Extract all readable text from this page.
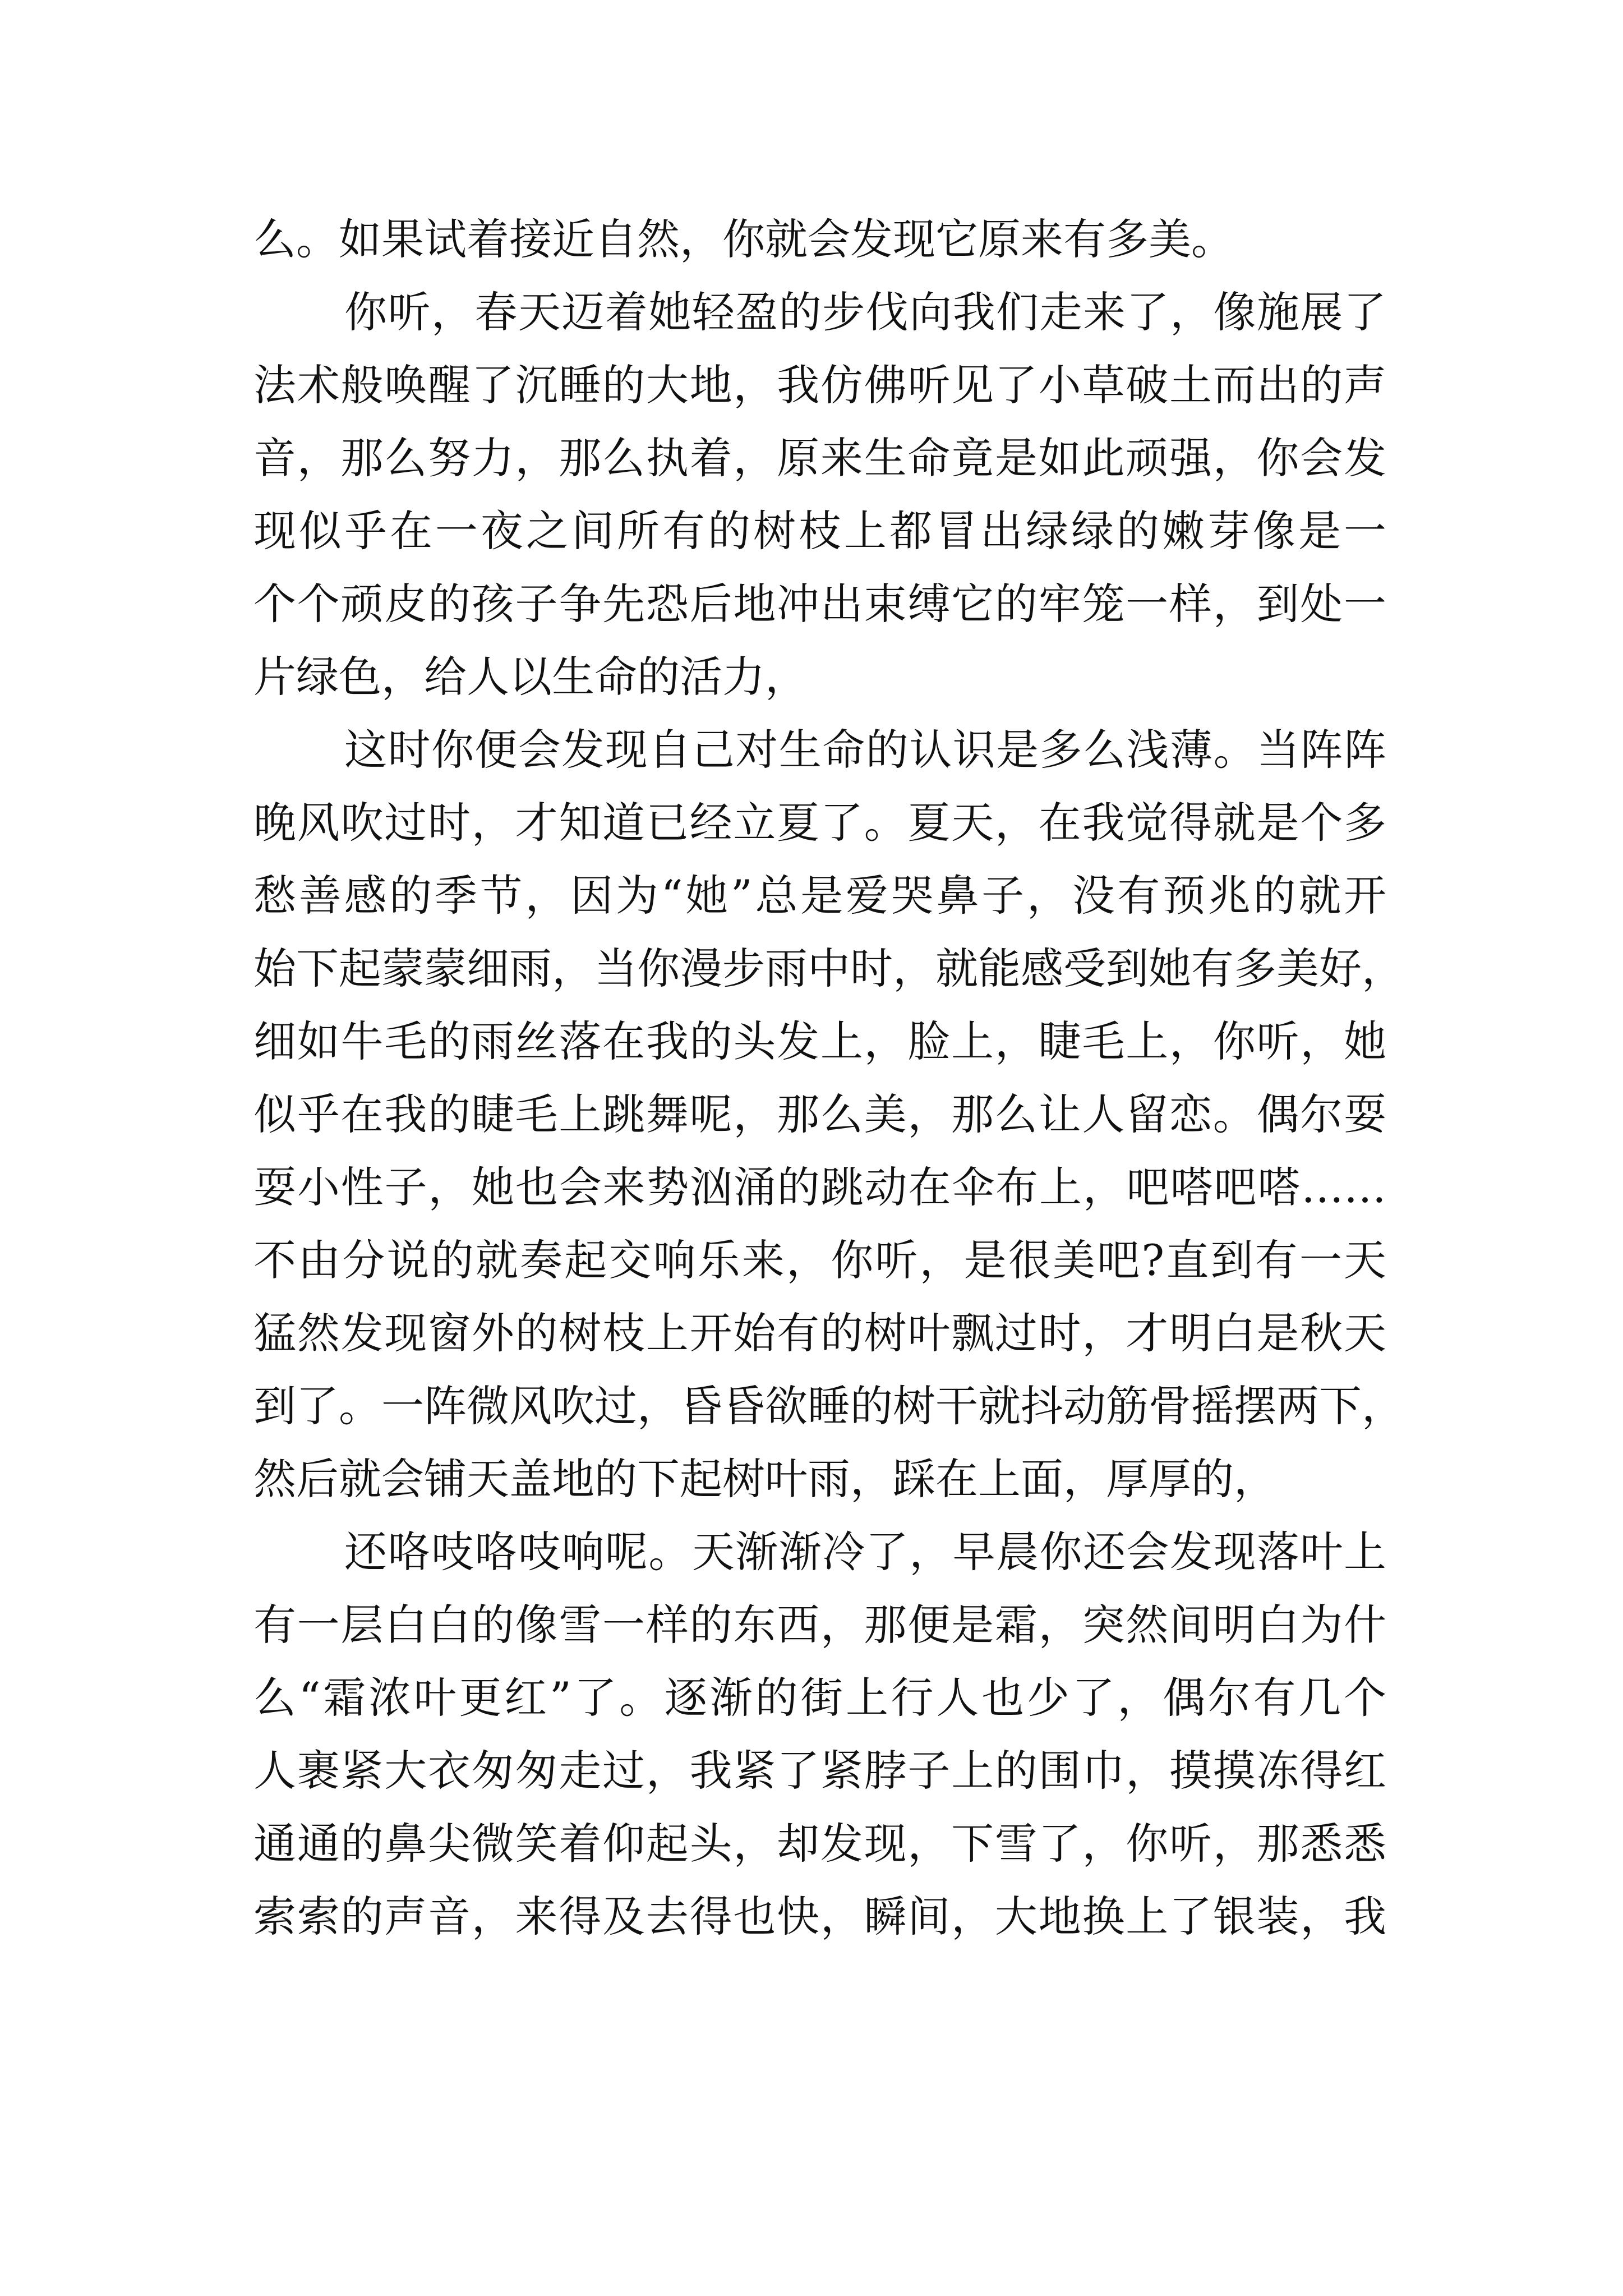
么。如果试着接近自然，你就会发现它原来有多美。
你听，春天迈着她轻盈的步伐向我们走来了，像施展了
法术般唤醒了沉睡的大地，我仿佛听见了小草破土而出的声
音，那么努力，那么执着，原来生命竟是如此顽强，你会发
现似乎在一夜之间所有的树枝上都冒出绿绿的嫩芽像是一
个个顽皮的孩子争先恐后地冲出束缚它的牢笼一样，到处一
片绿色，给人以生命的活力，
这时你便会发现自己对生命的认识是多么浅薄。当阵阵
晚风吹过时，才知道已经立夏了。夏天，在我觉得就是个多
愁善感的季节，因为“她”总是爱哭鼻子，没有预兆的就开
始下起蒙蒙细雨，当你漫步雨中时，就能感受到她有多美好，
细如牛毛的雨丝落在我的头发上，脸上，睫毛上，你听，她
似乎在我的睫毛上跳舞呢，那么美，那么让人留恋。偶尔耍
耍小性子，她也会来势汹涌的跳动在伞布上，吧嗒吧嗒……
不由分说的就奏起交响乐来，你听，是很美吧?直到有一天
猛然发现窗外的树枝上开始有的树叶飘过时，才明白是秋天
到了。一阵微风吹过，昏昏欲睡的树干就抖动筋骨摇摆两下，
然后就会铺天盖地的下起树叶雨，踩在上面，厚厚的，
还咯吱咯吱响呢。天渐渐冷了，早晨你还会发现落叶上
有一层白白的像雪一样的东西，那便是霜，突然间明白为什
么“霜浓叶更红”了。逐渐的街上行人也少了，偶尔有几个
人裹紧大衣匆匆走过，我紧了紧脖子上的围巾，摸摸冻得红
通通的鼻尖微笑着仰起头，却发现，下雪了，你听，那悉悉
索索的声音，来得及去得也快，瞬间，大地换上了银装，我
